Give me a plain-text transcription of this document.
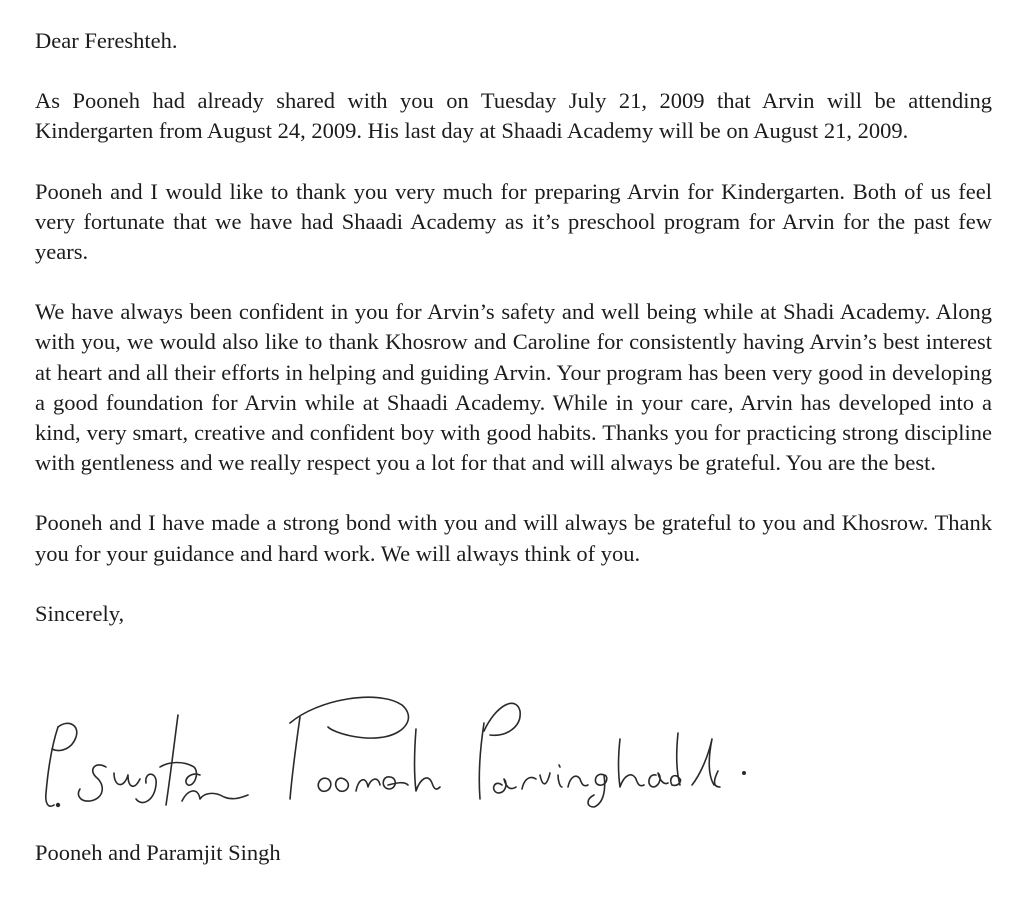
Dear Fereshteh.

As Pooneh had already shared with you on Tuesday July 21, 2009 that Arvin will be attending Kindergarten from August 24, 2009. His last day at Shaadi Academy will be on August 21, 2009.

Pooneh and I would like to thank you very much for preparing Arvin for Kindergarten. Both of us feel very fortunate that we have had Shaadi Academy as it’s preschool program for Arvin for the past few years.

We have always been confident in you for Arvin’s safety and well being while at Shadi Academy. Along with you, we would also like to thank Khosrow and Caroline for consistently having Arvin’s best interest at heart and all their efforts in helping and guiding Arvin. Your program has been very good in developing a good foundation for Arvin while at Shaadi Academy. While in your care, Arvin has developed into a kind, very smart, creative and confident boy with good habits. Thanks you for practicing strong discipline with gentleness and we really respect you a lot for that and will always be grateful. You are the best.

Pooneh and I have made a strong bond with you and will always be grateful to you and Khosrow. Thank you for your guidance and hard work. We will always think of you.

Sincerely,

Pooneh and Paramjit Singh
